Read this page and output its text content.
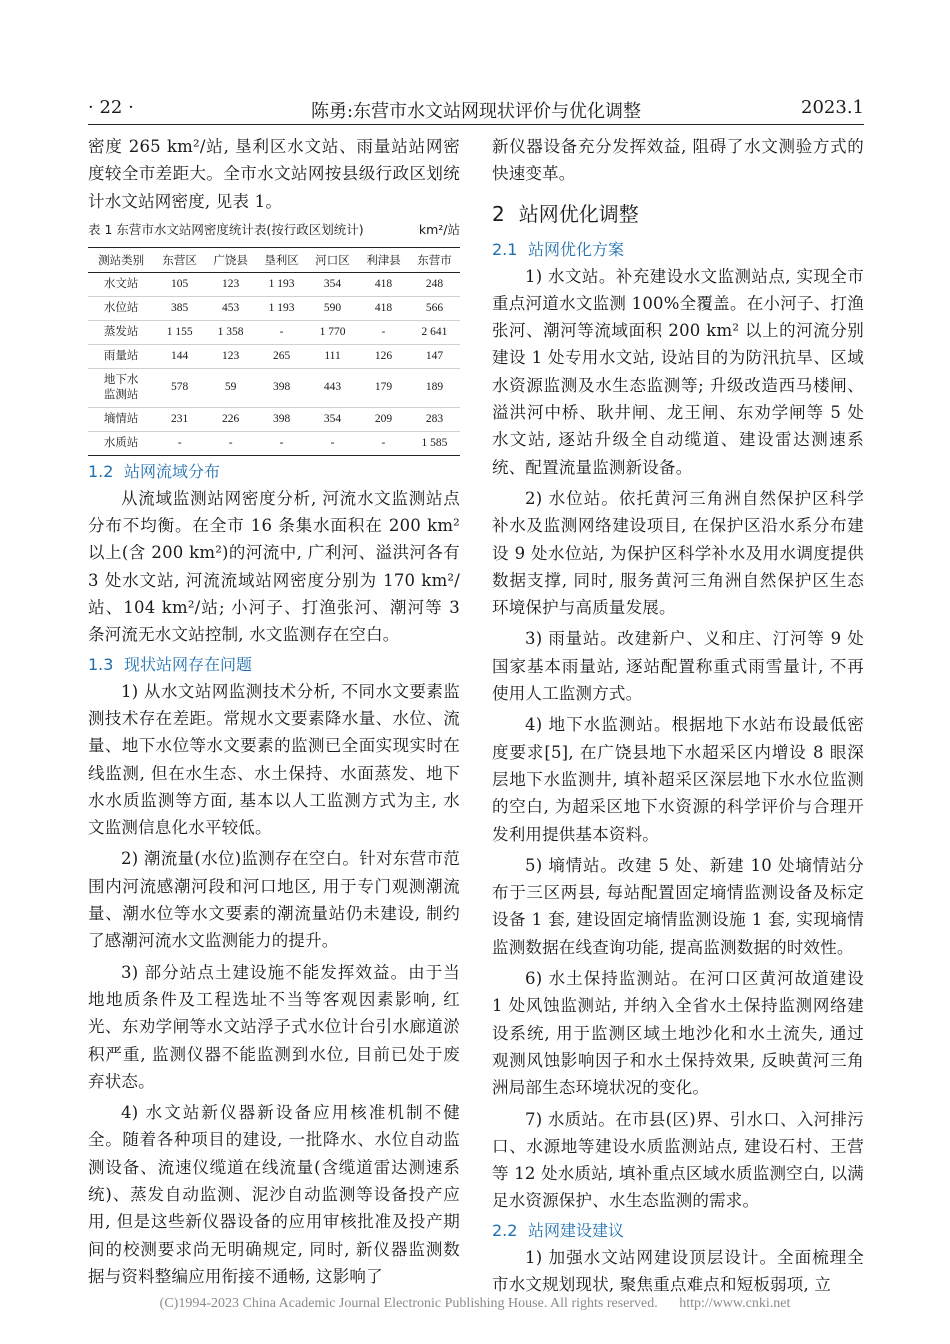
· 22 ·	陈勇:东营市水文站网现状评价与优化调整	2023.1

密度 265 km²/站, 垦利区水文站、雨量站站网密度较全市差距大。全市水文站网按县级行政区划统计水文站网密度, 见表 1。

表 1 东营市水文站网密度统计表(按行政区划统计)	km²/站
测站类别	东营区	广饶县	垦利区	河口区	利津县	东营市
水文站	105	123	1 193	354	418	248
水位站	385	453	1 193	590	418	566
蒸发站	1 155	1 358	-	1 770	-	2 641
雨量站	144	123	265	111	126	147
地下水
监测站	578	59	398	443	179	189
墒情站	231	226	398	354	209	283
水质站	-	-	-	-	-	1 585
1.2 站网流域分布

从流域监测站网密度分析, 河流水文监测站点分布不均衡。在全市 16 条集水面积在 200 km² 以上(含 200 km²)的河流中, 广利河、溢洪河各有 3 处水文站, 河流流域站网密度分别为 170 km²/站、104 km²/站; 小河子、打渔张河、潮河等 3 条河流无水文站控制, 水文监测存在空白。

1.3 现状站网存在问题

1) 从水文站网监测技术分析, 不同水文要素监测技术存在差距。常规水文要素降水量、水位、流量、地下水位等水文要素的监测已全面实现实时在线监测, 但在水生态、水土保持、水面蒸发、地下水水质监测等方面, 基本以人工监测方式为主, 水文监测信息化水平较低。

2) 潮流量(水位)监测存在空白。针对东营市范围内河流感潮河段和河口地区, 用于专门观测潮流量、潮水位等水文要素的潮流量站仍未建设, 制约了感潮河流水文监测能力的提升。

3) 部分站点土建设施不能发挥效益。由于当地地质条件及工程选址不当等客观因素影响, 红光、东劝学闸等水文站浮子式水位计台引水廊道淤积严重, 监测仪器不能监测到水位, 目前已处于废弃状态。

4) 水文站新仪器新设备应用核准机制不健全。随着各种项目的建设, 一批降水、水位自动监测设备、流速仪缆道在线流量(含缆道雷达测速系统)、蒸发自动监测、泥沙自动监测等设备投产应用, 但是这些新仪器设备的应用审核批准及投产期间的校测要求尚无明确规定, 同时, 新仪器监测数据与资料整编应用衔接不通畅, 这影响了

新仪器设备充分发挥效益, 阻碍了水文测验方式的快速变革。

2 站网优化调整
2.1 站网优化方案

1) 水文站。补充建设水文监测站点, 实现全市重点河道水文监测 100%全覆盖。在小河子、打渔张河、潮河等流域面积 200 km² 以上的河流分别建设 1 处专用水文站, 设站目的为防汛抗旱、区域水资源监测及水生态监测等; 升级改造西马楼闸、溢洪河中桥、耿井闸、龙王闸、东劝学闸等 5 处水文站, 逐站升级全自动缆道、建设雷达测速系统、配置流量监测新设备。

2) 水位站。依托黄河三角洲自然保护区科学补水及监测网络建设项目, 在保护区沿水系分布建设 9 处水位站, 为保护区科学补水及用水调度提供数据支撑, 同时, 服务黄河三角洲自然保护区生态环境保护与高质量发展。

3) 雨量站。改建新户、义和庄、汀河等 9 处国家基本雨量站, 逐站配置称重式雨雪量计, 不再使用人工监测方式。

4) 地下水监测站。根据地下水站布设最低密度要求[5], 在广饶县地下水超采区内增设 8 眼深层地下水监测井, 填补超采区深层地下水水位监测的空白, 为超采区地下水资源的科学评价与合理开发利用提供基本资料。

5) 墒情站。改建 5 处、新建 10 处墒情站分布于三区两县, 每站配置固定墒情监测设备及标定设备 1 套, 建设固定墒情监测设施 1 套, 实现墒情监测数据在线查询功能, 提高监测数据的时效性。

6) 水土保持监测站。在河口区黄河故道建设 1 处风蚀监测站, 并纳入全省水土保持监测网络建设系统, 用于监测区域土地沙化和水土流失, 通过观测风蚀影响因子和水土保持效果, 反映黄河三角洲局部生态环境状况的变化。

7) 水质站。在市县(区)界、引水口、入河排污口、水源地等建设水质监测站点, 建设石村、王营等 12 处水质站, 填补重点区域水质监测空白, 以满足水资源保护、水生态监测的需求。

2.2 站网建设建议

1) 加强水文站网建设顶层设计。全面梳理全市水文规划现状, 聚焦重点难点和短板弱项, 立

(C)1994-2023 China Academic Journal Electronic Publishing House. All rights reserved. http://www.cnki.net
